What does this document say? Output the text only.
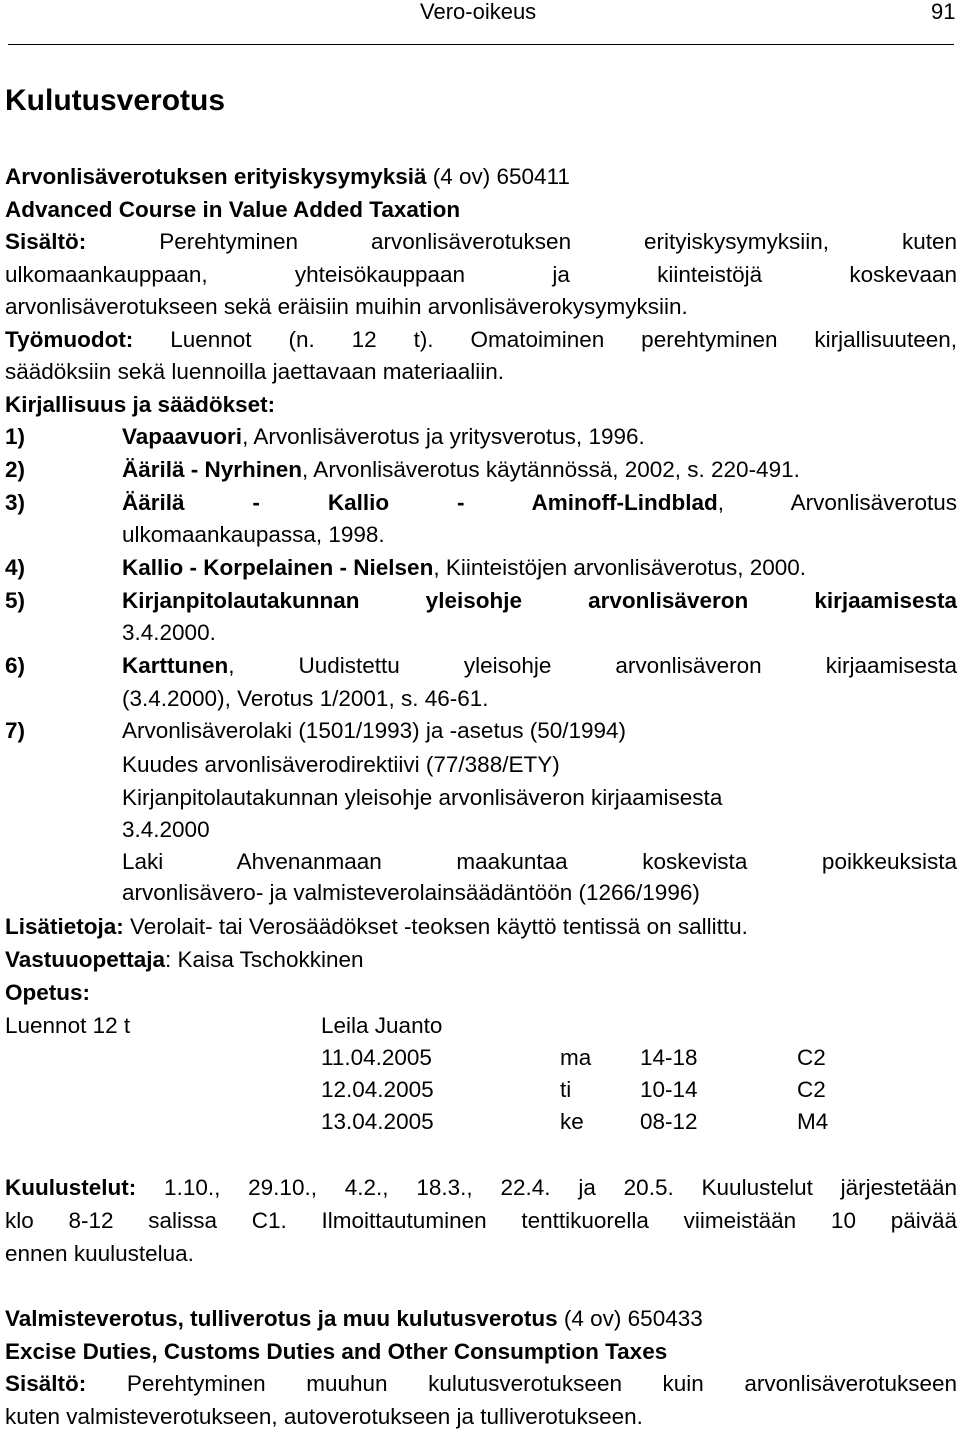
Vero-oikeus	91
Kulutusverotus
Arvonlisäverotuksen erityiskysymyksiä (4 ov) 650411
Advanced Course in Value Added Taxation
Sisältö: Perehtyminen arvonlisäverotuksen erityiskysymyksiin, kuten
ulkomaankauppaan, yhteisökauppaan ja kiinteistöjä koskevaan
arvonlisäverotukseen sekä eräisiin muihin arvonlisäverokysymyksiin.
Työmuodot: Luennot (n. 12 t). Omatoiminen perehtyminen kirjallisuuteen,
säädöksiin sekä luennoilla jaettavaan materiaaliin.
Kirjallisuus ja säädökset:
1)	Vapaavuori, Arvonlisäverotus ja yritysverotus, 1996.
2)	Äärilä - Nyrhinen, Arvonlisäverotus käytännössä, 2002, s. 220-491.
3)	Äärilä - Kallio - Aminoff-Lindblad, Arvonlisäverotus
ulkomaankaupassa, 1998.
4)	Kallio - Korpelainen - Nielsen, Kiinteistöjen arvonlisäverotus, 2000.
5)	Kirjanpitolautakunnan yleisohje arvonlisäveron kirjaamisesta
3.4.2000.
6)	Karttunen, Uudistettu yleisohje arvonlisäveron kirjaamisesta
(3.4.2000), Verotus 1/2001, s. 46-61.
7)	Arvonlisäverolaki (1501/1993) ja -asetus (50/1994)
Kuudes arvonlisäverodirektiivi (77/388/ETY)
Kirjanpitolautakunnan yleisohje arvonlisäveron kirjaamisesta
3.4.2000
Laki Ahvenanmaan maakuntaa koskevista poikkeuksista
arvonlisävero- ja valmisteverolainsäädäntöön (1266/1996)
Lisätietoja: Verolait- tai Verosäädökset -teoksen käyttö tentissä on sallittu.
Vastuuopettaja: Kaisa Tschokkinen
Opetus:
Luennot 12 t	Leila Juanto
11.04.2005	ma 14-18	C2
12.04.2005	ti	10-14	C2
13.04.2005	ke 08-12	M4
Kuulustelut: 1.10., 29.10., 4.2., 18.3., 22.4. ja 20.5. Kuulustelut järjestetään
klo 8-12 salissa C1. Ilmoittautuminen tenttikuorella viimeistään 10 päivää
ennen kuulustelua.
Valmisteverotus, tulliverotus ja muu kulutusverotus (4 ov) 650433
Excise Duties, Customs Duties and Other Consumption Taxes
Sisältö: Perehtyminen muuhun kulutusverotukseen kuin arvonlisäverotukseen
kuten valmisteverotukseen, autoverotukseen ja tulliverotukseen.
